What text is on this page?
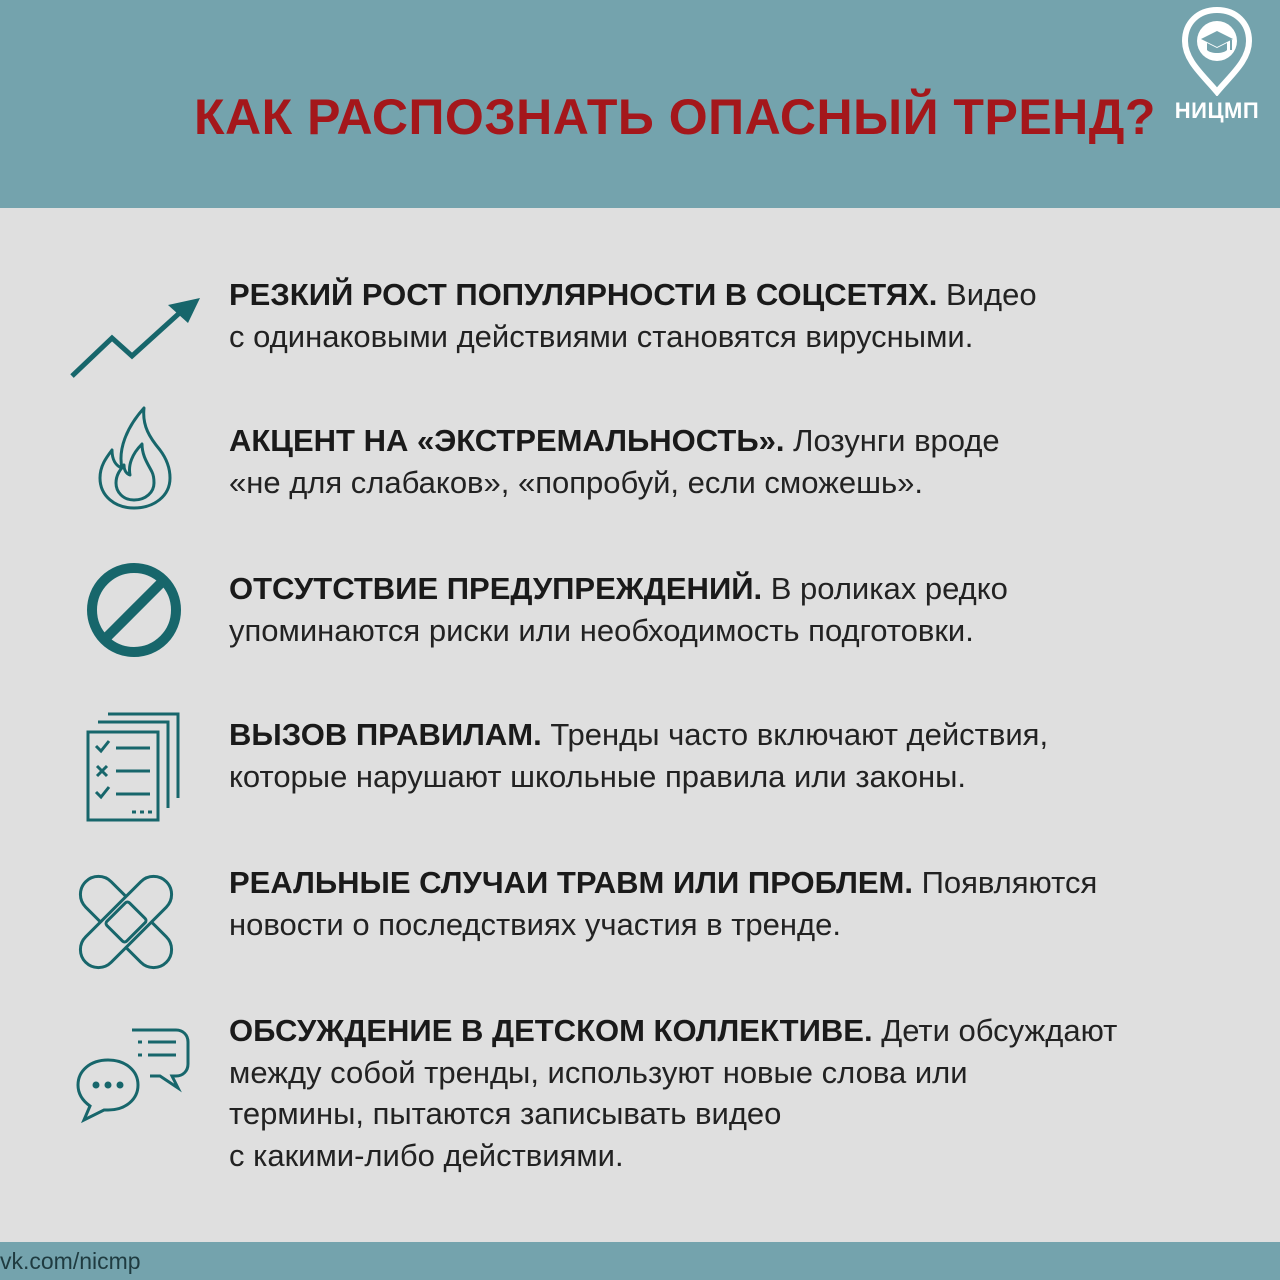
КАК РАСПОЗНАТЬ ОПАСНЫЙ ТРЕНД? НИЦМП
РЕЗКИЙ РОСТ ПОПУЛЯРНОСТИ В СОЦСЕТЯХ. Видео
с одинаковыми действиями становятся вирусными.
АКЦЕНТ НА «ЭКСТРЕМАЛЬНОСТЬ». Лозунги вроде
«не для слабаков», «попробуй, если сможешь».
ОТСУТСТВИЕ ПРЕДУПРЕЖДЕНИЙ. В роликах редко
упоминаются риски или необходимость подготовки.
ВЫЗОВ ПРАВИЛАМ. Тренды часто включают действия,
которые нарушают школьные правила или законы.
РЕАЛЬНЫЕ СЛУЧАИ ТРАВМ ИЛИ ПРОБЛЕМ. Появляются
новости о последствиях участия в тренде.
ОБСУЖДЕНИЕ В ДЕТСКОМ КОЛЛЕКТИВЕ. Дети обсуждают
между собой тренды, используют новые слова или
термины, пытаются записывать видео
с какими-либо действиями.
vk.com/nicmp
